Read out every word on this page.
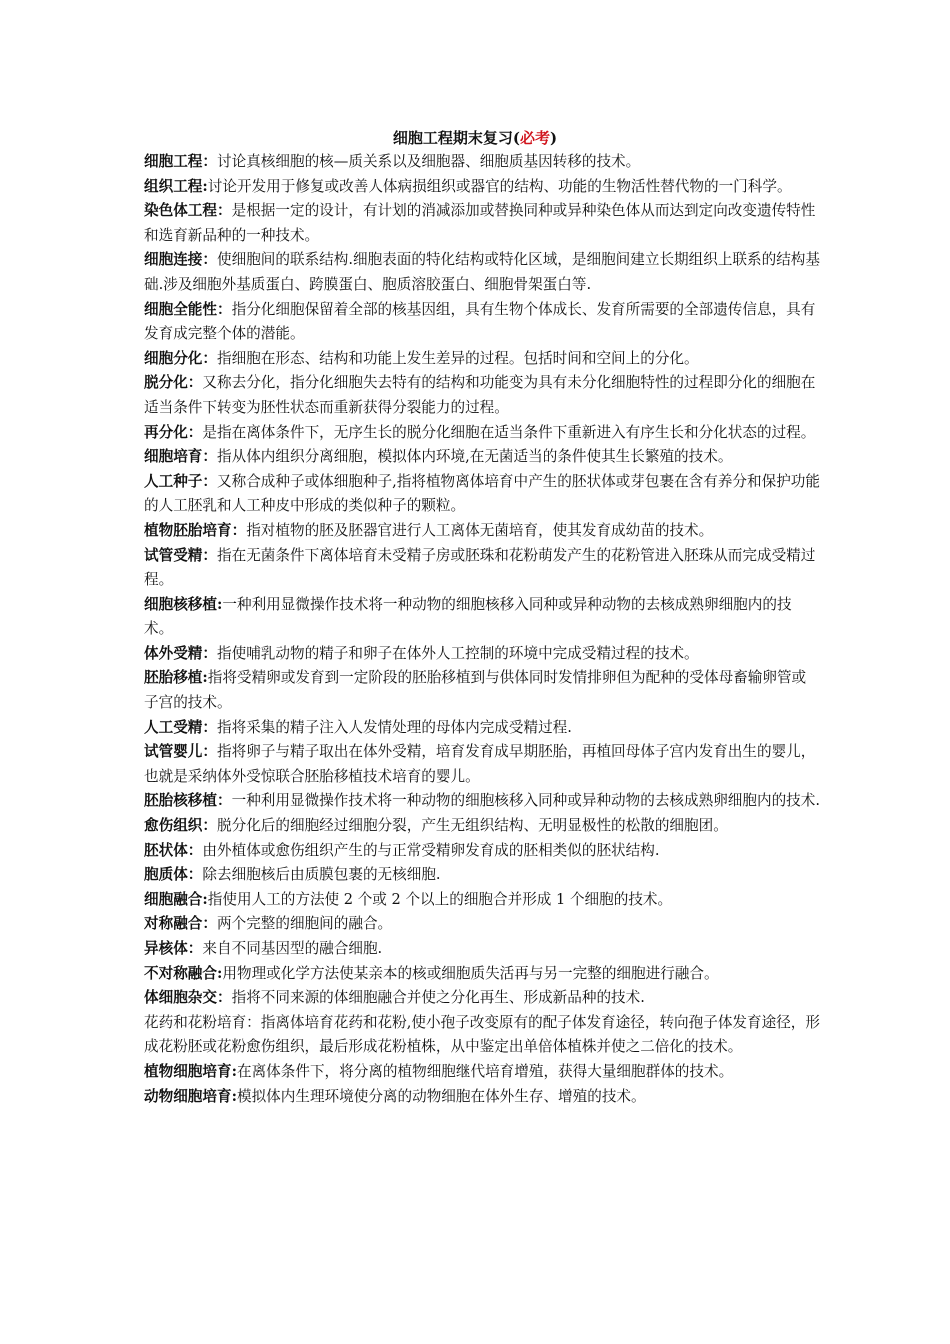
细胞工程期末复习(必考)

细胞工程：讨论真核细胞的核—质关系以及细胞器、细胞质基因转移的技术。

组织工程:讨论开发用于修复或改善人体病损组织或器官的结构、功能的生物活性替代物的一门科学。

染色体工程：是根据一定的设计，有计划的消减添加或替换同种或异种染色体从而达到定向改变遗传特性和选育新品种的一种技术。

细胞连接：使细胞间的联系结构.细胞表面的特化结构或特化区域，是细胞间建立长期组织上联系的结构基础.涉及细胞外基质蛋白、跨膜蛋白、胞质溶胶蛋白、细胞骨架蛋白等.

细胞全能性：指分化细胞保留着全部的核基因组，具有生物个体成长、发育所需要的全部遗传信息，具有发育成完整个体的潜能。

细胞分化：指细胞在形态、结构和功能上发生差异的过程。包括时间和空间上的分化。

脱分化：又称去分化，指分化细胞失去特有的结构和功能变为具有未分化细胞特性的过程即分化的细胞在适当条件下转变为胚性状态而重新获得分裂能力的过程。

再分化：是指在离体条件下，无序生长的脱分化细胞在适当条件下重新进入有序生长和分化状态的过程。

细胞培育：指从体内组织分离细胞，模拟体内环境,在无菌适当的条件使其生长繁殖的技术。

人工种子：又称合成种子或体细胞种子,指将植物离体培育中产生的胚状体或芽包裹在含有养分和保护功能的人工胚乳和人工种皮中形成的类似种子的颗粒。

植物胚胎培育：指对植物的胚及胚器官进行人工离体无菌培育，使其发育成幼苗的技术。

试管受精：指在无菌条件下离体培育未受精子房或胚珠和花粉萌发产生的花粉管进入胚珠从而完成受精过程。

细胞核移植:一种利用显微操作技术将一种动物的细胞核移入同种或异种动物的去核成熟卵细胞内的技术。

体外受精：指使哺乳动物的精子和卵子在体外人工控制的环境中完成受精过程的技术。

胚胎移植:指将受精卵或发育到一定阶段的胚胎移植到与供体同时发情排卵但为配种的受体母畜输卵管或子宫的技术。

人工受精：指将采集的精子注入人发情处理的母体内完成受精过程.

试管婴儿：指将卵子与精子取出在体外受精，培育发育成早期胚胎，再植回母体子宫内发育出生的婴儿，也就是采纳体外受惊联合胚胎移植技术培育的婴儿。

胚胎核移植：一种利用显微操作技术将一种动物的细胞核移入同种或异种动物的去核成熟卵细胞内的技术.

愈伤组织：脱分化后的细胞经过细胞分裂，产生无组织结构、无明显极性的松散的细胞团。

胚状体：由外植体或愈伤组织产生的与正常受精卵发育成的胚相类似的胚状结构.

胞质体：除去细胞核后由质膜包裹的无核细胞.

细胞融合:指使用人工的方法使 2 个或 2 个以上的细胞合并形成 1 个细胞的技术。

对称融合：两个完整的细胞间的融合。

异核体：来自不同基因型的融合细胞.

不对称融合:用物理或化学方法使某亲本的核或细胞质失活再与另一完整的细胞进行融合。

体细胞杂交：指将不同来源的体细胞融合并使之分化再生、形成新品种的技术.

花药和花粉培育：指离体培育花药和花粉,使小孢子改变原有的配子体发育途径，转向孢子体发育途径，形成花粉胚或花粉愈伤组织，最后形成花粉植株，从中鉴定出单倍体植株并使之二倍化的技术。

植物细胞培育:在离体条件下，将分离的植物细胞继代培育增殖，获得大量细胞群体的技术。

动物细胞培育:模拟体内生理环境使分离的动物细胞在体外生存、增殖的技术。
